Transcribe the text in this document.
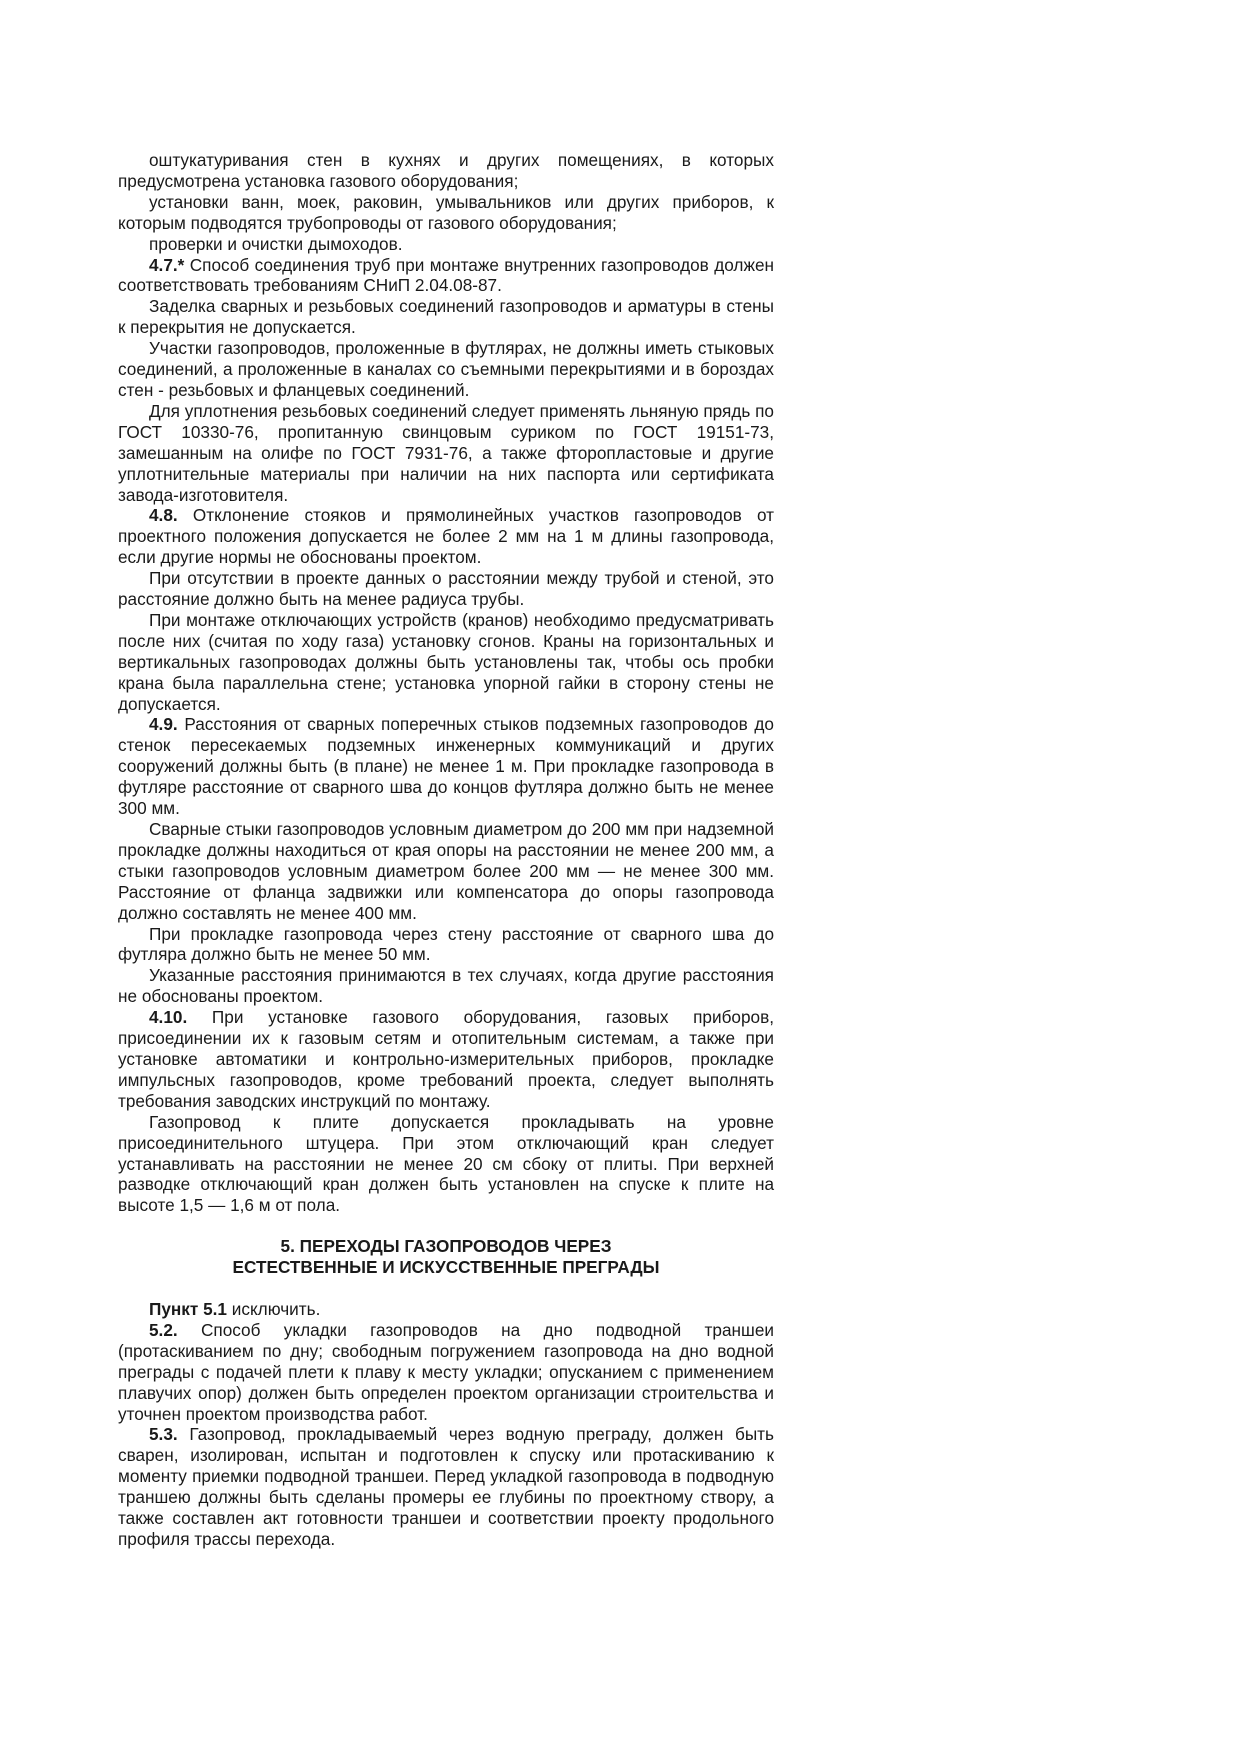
оштукатуривания стен в кухнях и других помещениях, в которых предусмотрена установка газового оборудования;

установки ванн, моек, раковин, умывальников или других приборов, к которым подводятся трубопроводы от газового оборудования;

проверки и очистки дымоходов.

4.7.* Способ соединения труб при монтаже внутренних газопроводов должен соответствовать требованиям СНиП 2.04.08-87.

Заделка сварных и резьбовых соединений газопроводов и арматуры в стены к перекрытия не допускается.

Участки газопроводов, проложенные в футлярах, не должны иметь стыковых соединений, а проложенные в каналах со съемными перекрытиями и в бороздах стен - резьбовых и фланцевых соединений.

Для уплотнения резьбовых соединений следует применять льняную прядь по ГОСТ 10330-76, пропитанную свинцовым суриком по ГОСТ 19151-73, замешанным на олифе по ГОСТ 7931-76, а также фторопластовые и другие уплотнительные материалы при наличии на них паспорта или сертификата завода-изготовителя.

4.8. Отклонение стояков и прямолинейных участков газопроводов от проектного положения допускается не более 2 мм на 1 м длины газопровода, если другие нормы не обоснованы проектом.

При отсутствии в проекте данных о расстоянии между трубой и стеной, это расстояние должно быть на менее радиуса трубы.

При монтаже отключающих устройств (кранов) необходимо предусматривать после них (считая по ходу газа) установку сгонов. Краны на горизонтальных и вертикальных газопроводах должны быть установлены так, чтобы ось пробки крана была параллельна стене; установка упорной гайки в сторону стены не допускается.

4.9. Расстояния от сварных поперечных стыков подземных газопроводов до стенок пересекаемых подземных инженерных коммуникаций и других сооружений должны быть (в плане) не менее 1 м. При прокладке газопровода в футляре расстояние от сварного шва до концов футляра должно быть не менее 300 мм.

Сварные стыки газопроводов условным диаметром до 200 мм при надземной прокладке должны находиться от края опоры на расстоянии не менее 200 мм, а стыки газопроводов условным диаметром более 200 мм — не менее 300 мм. Расстояние от фланца задвижки или компенсатора до опоры газопровода должно составлять не менее 400 мм.

При прокладке газопровода через стену расстояние от сварного шва до футляра должно быть не менее 50 мм.

Указанные расстояния принимаются в тех случаях, когда другие расстояния не обоснованы проектом.

4.10. При установке газового оборудования, газовых приборов, присоединении их к газовым сетям и отопительным системам, а также при установке автоматики и контрольно-измерительных приборов, прокладке импульсных газопроводов, кроме требований проекта, следует выполнять требования заводских инструкций по монтажу.

Газопровод к плите допускается прокладывать на уровне присоединительного штуцера. При этом отключающий кран следует устанавливать на расстоянии не менее 20 см сбоку от плиты. При верхней разводке отключающий кран должен быть установлен на спуске к плите на высоте 1,5 — 1,6 м от пола.

5. ПЕРЕХОДЫ ГАЗОПРОВОДОВ ЧЕРЕЗ
ЕСТЕСТВЕННЫЕ И ИСКУССТВЕННЫЕ ПРЕГРАДЫ

Пункт 5.1 исключить.

5.2. Способ укладки газопроводов на дно подводной траншеи (протаскиванием по дну; свободным погружением газопровода на дно водной преграды с подачей плети к плаву к месту укладки; опусканием с применением плавучих опор) должен быть определен проектом организации строительства и уточнен проектом производства работ.

5.3. Газопровод, прокладываемый через водную преграду, должен быть сварен, изолирован, испытан и подготовлен к спуску или протаскиванию к моменту приемки подводной траншеи. Перед укладкой газопровода в подводную траншею должны быть сделаны промеры ее глубины по проектному створу, а также составлен акт готовности траншеи и соответствии проекту продольного профиля трассы перехода.
